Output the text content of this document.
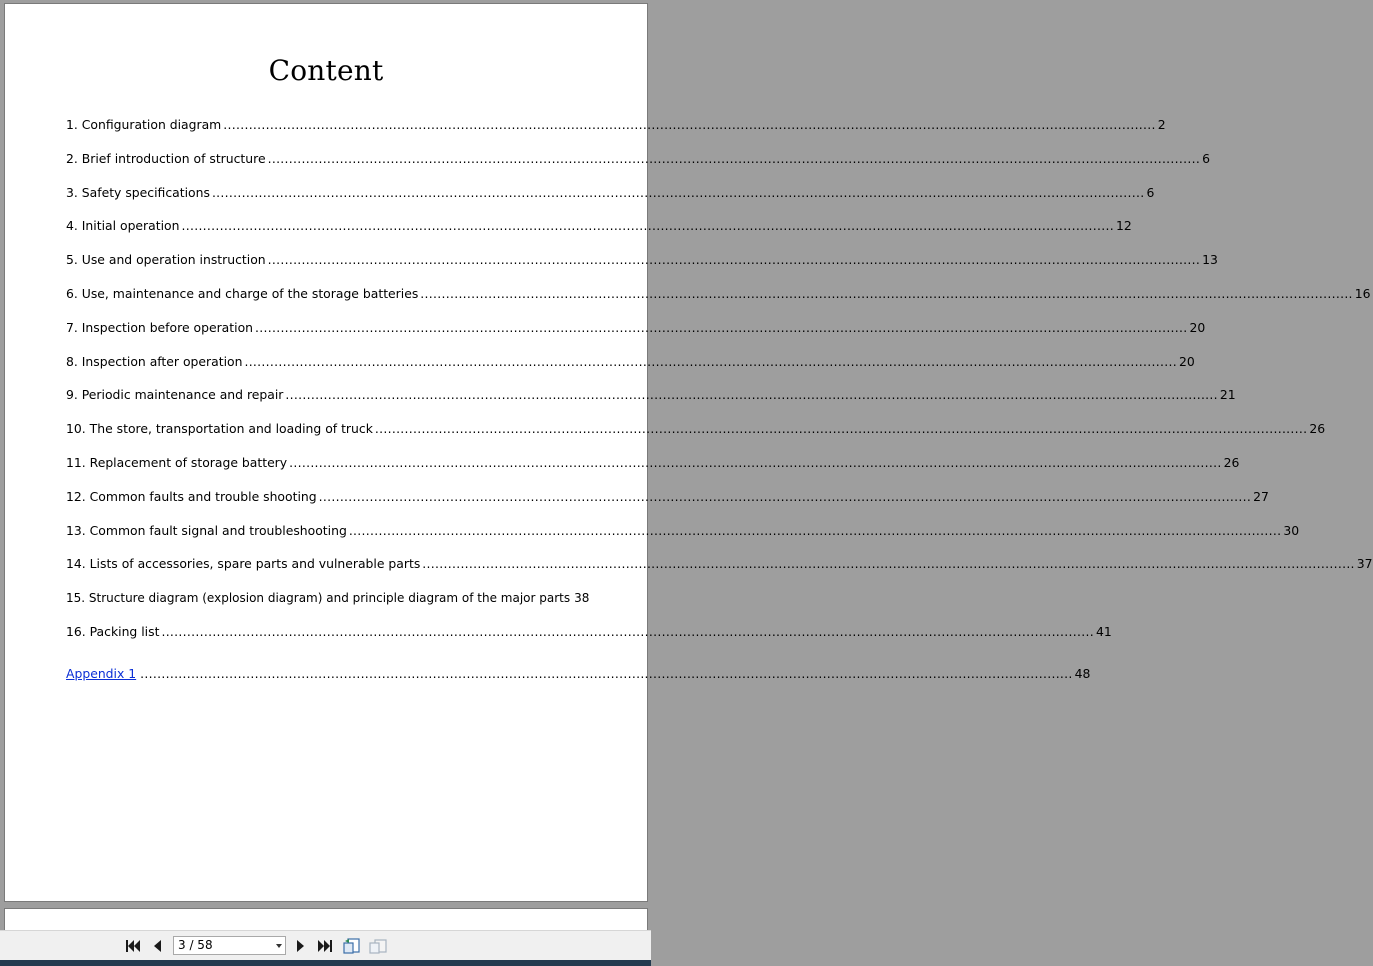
Content
1. Configuration diagram ............................................................................................................................................................................................................................ 2
2. Brief introduction of structure ............................................................................................................................................................................................................................ 6
3. Safety specifications ............................................................................................................................................................................................................................ 6
4. Initial operation ............................................................................................................................................................................................................................ 12
5. Use and operation instruction ............................................................................................................................................................................................................................ 13
6. Use, maintenance and charge of the storage batteries ............................................................................................................................................................................................................................ 16
7. Inspection before operation ............................................................................................................................................................................................................................ 20
8. Inspection after operation ............................................................................................................................................................................................................................ 20
9. Periodic maintenance and repair ............................................................................................................................................................................................................................ 21
10. The store, transportation and loading of truck ............................................................................................................................................................................................................................ 26
11. Replacement of storage battery ............................................................................................................................................................................................................................ 26
12. Common faults and trouble shooting ............................................................................................................................................................................................................................ 27
13. Common fault signal and troubleshooting ............................................................................................................................................................................................................................ 30
14. Lists of accessories, spare parts and vulnerable parts ............................................................................................................................................................................................................................ 37
15. Structure diagram (explosion diagram) and principle diagram of the major parts 38
16. Packing list ............................................................................................................................................................................................................................ 41
Appendix 1 ............................................................................................................................................................................................................................ 48
3 / 58
